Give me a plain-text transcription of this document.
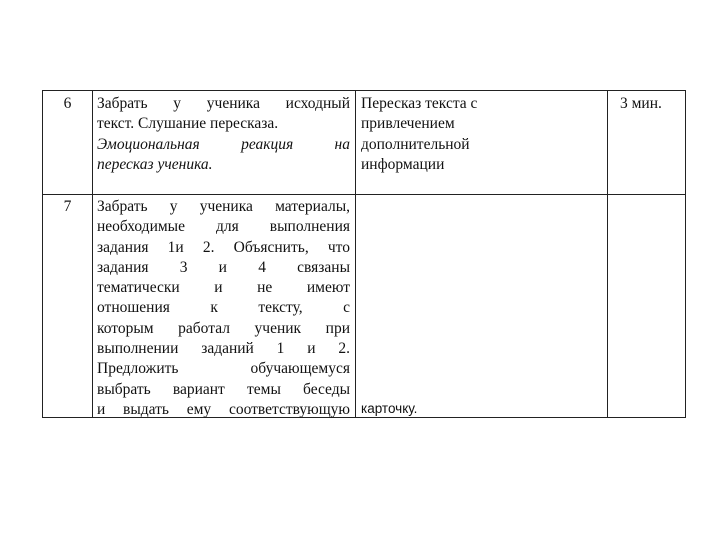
6	Забрать у ученика исходный
текст. Слушание пересказа.
Эмоциональная реакция на
пересказ ученика.
Пересказ текста с
привлечением
дополнительной
информации
3 мин.
7	Забрать у ученика материалы,
необходимые для выполнения
задания 1и 2. Объяснить, что
задания 3 и 4 связаны
тематически и не имеют
отношения к тексту, с
которым работал ученик при
выполнении заданий 1 и 2.
Предложить обучающемуся
выбрать вариант темы беседы
и выдать ему соответствующую карточку.
